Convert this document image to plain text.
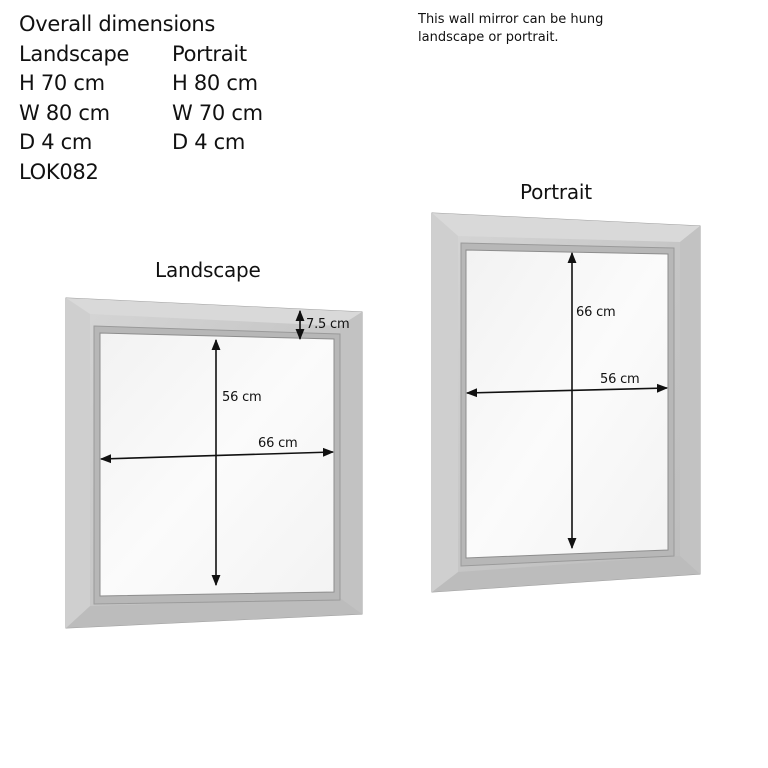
Overall dimensions
Landscape	Portrait
H 70 cm	H 80 cm
W 80 cm	W 70 cm
D 4 cm	D 4 cm
LOK082
This wall mirror can be hung landscape or portrait.
Landscape
Portrait
7.5 cm
56 cm
66 cm
66 cm
56 cm
